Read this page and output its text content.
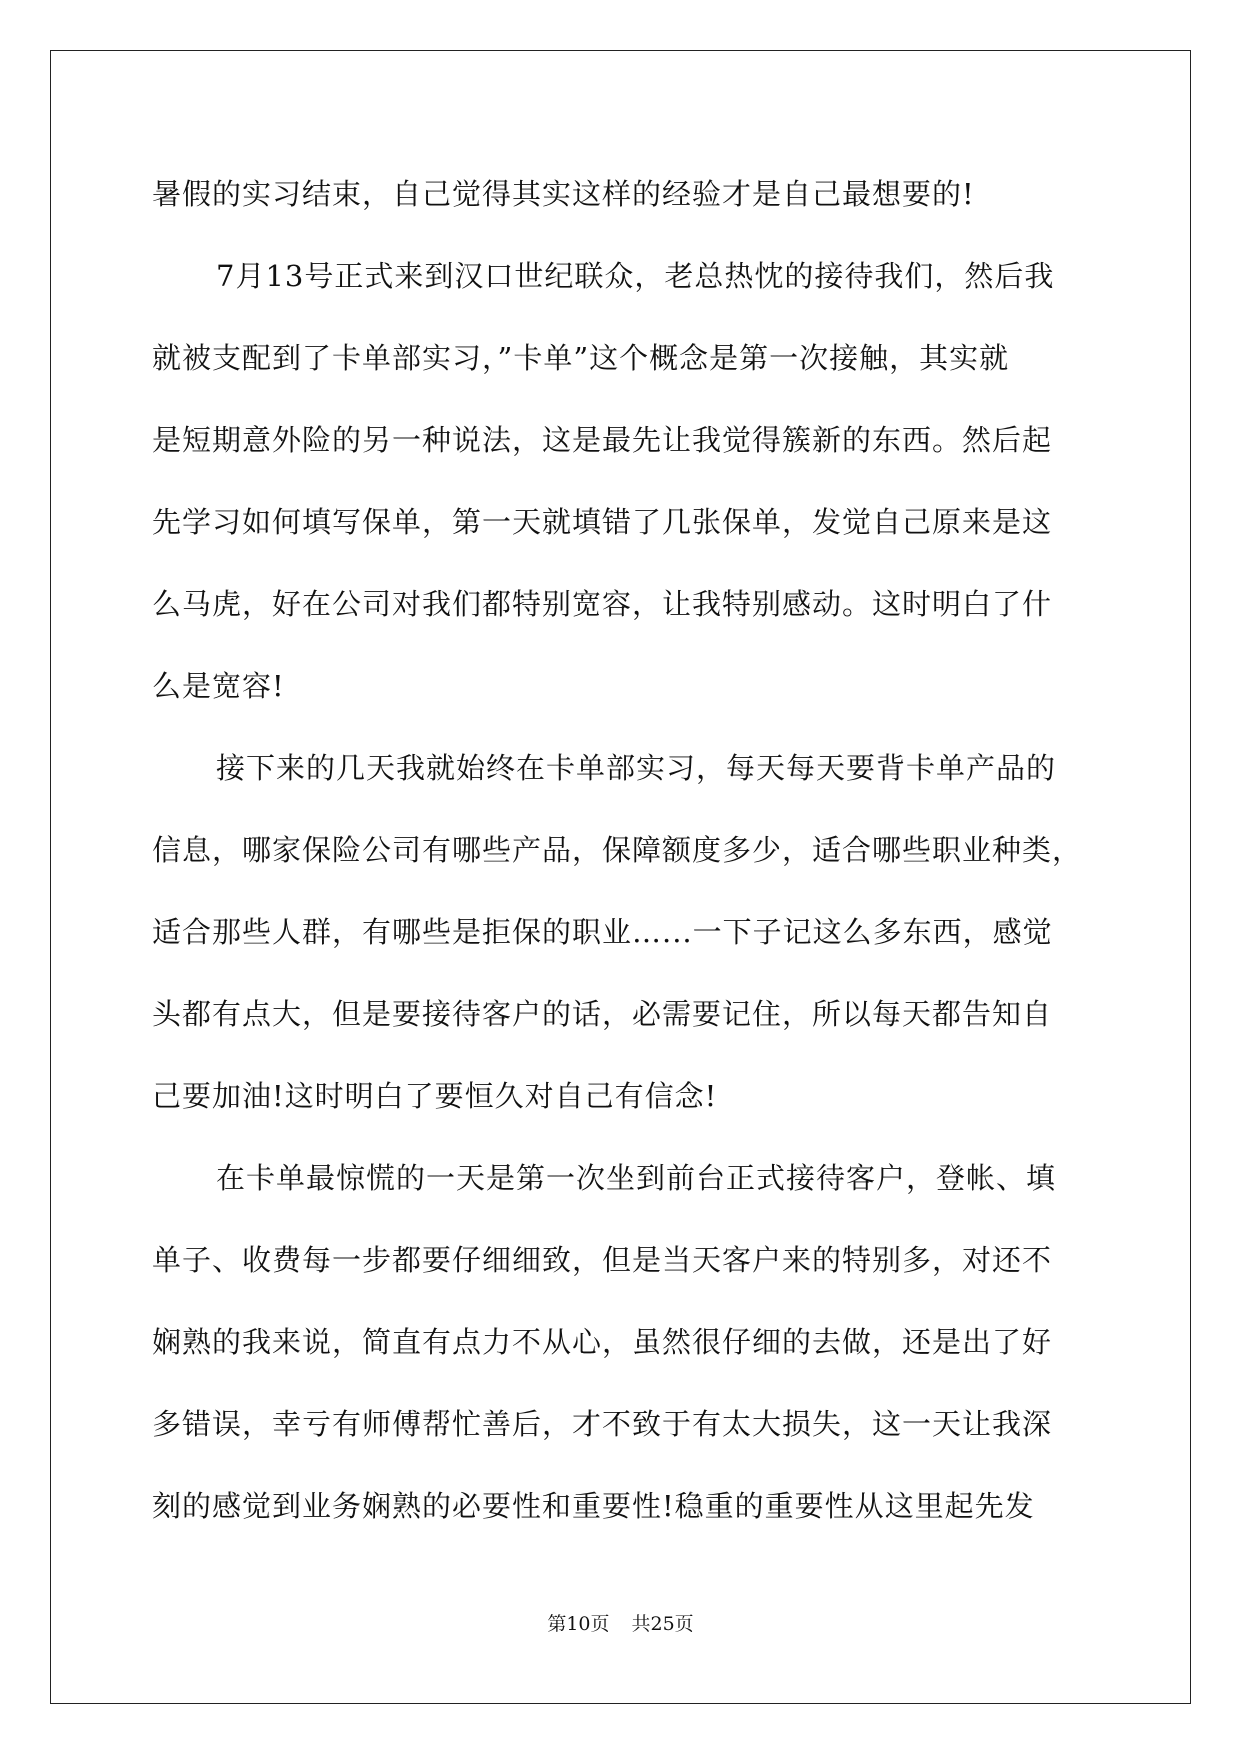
暑假的实习结束，自己觉得其实这样的经验才是自己最想要的!
7月13号正式来到汉口世纪联众，老总热忱的接待我们，然后我
就被支配到了卡单部实习，”卡单”这个概念是第一次接触，其实就
是短期意外险的另一种说法，这是最先让我觉得簇新的东西。然后起
先学习如何填写保单，第一天就填错了几张保单，发觉自己原来是这
么马虎，好在公司对我们都特别宽容，让我特别感动。这时明白了什
么是宽容!
接下来的几天我就始终在卡单部实习，每天每天要背卡单产品的
信息，哪家保险公司有哪些产品，保障额度多少，适合哪些职业种类，
适合那些人群，有哪些是拒保的职业…...一下子记这么多东西，感觉
头都有点大，但是要接待客户的话，必需要记住，所以每天都告知自
己要加油!这时明白了要恒久对自己有信念!
在卡单最惊慌的一天是第一次坐到前台正式接待客户，登帐、填
单子、收费每一步都要仔细细致，但是当天客户来的特别多，对还不
娴熟的我来说，简直有点力不从心，虽然很仔细的去做，还是出了好
多错误，幸亏有师傅帮忙善后，才不致于有太大损失，这一天让我深
刻的感觉到业务娴熟的必要性和重要性!稳重的重要性从这里起先发
第10页 共25页
